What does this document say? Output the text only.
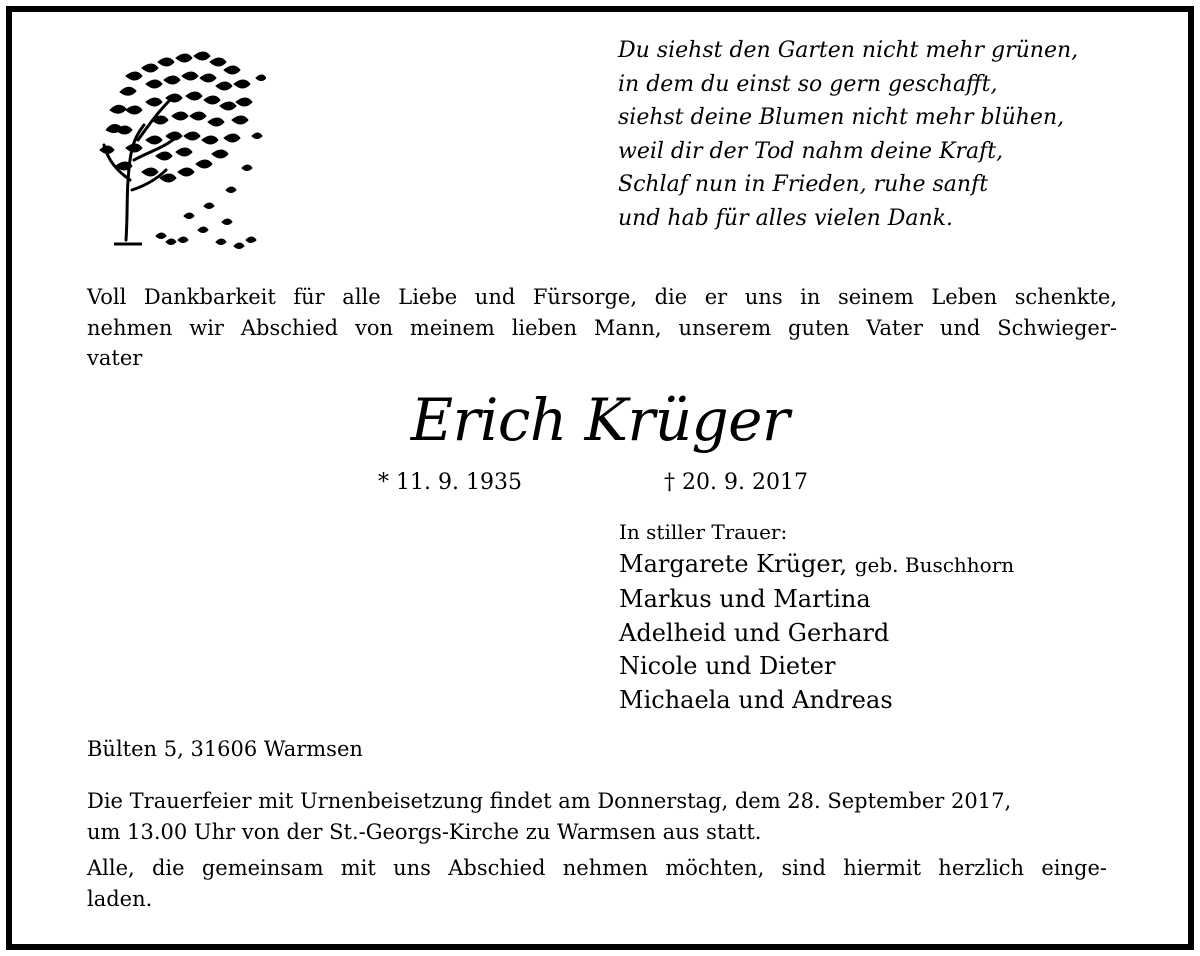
Du siehst den Garten nicht mehr grünen,
in dem du einst so gern geschafft,
siehst deine Blumen nicht mehr blühen,
weil dir der Tod nahm deine Kraft,
Schlaf nun in Frieden, ruhe sanft
und hab für alles vielen Dank.
Voll Dankbarkeit für alle Liebe und Fürsorge, die er uns in seinem Leben schenkte,
nehmen wir Abschied von meinem lieben Mann, unserem guten Vater und Schwieger-
vater
Erich Krüger
* 11. 9. 1935	† 20. 9. 2017
In stiller Trauer:
Margarete Krüger, geb. Buschhorn
Markus und Martina
Adelheid und Gerhard
Nicole und Dieter
Michaela und Andreas
Bülten 5, 31606 Warmsen
Die Trauerfeier mit Urnenbeisetzung findet am Donnerstag, dem 28. September 2017,
um 13.00 Uhr von der St.-Georgs-Kirche zu Warmsen aus statt.
Alle, die gemeinsam mit uns Abschied nehmen möchten, sind hiermit herzlich einge-
laden.
